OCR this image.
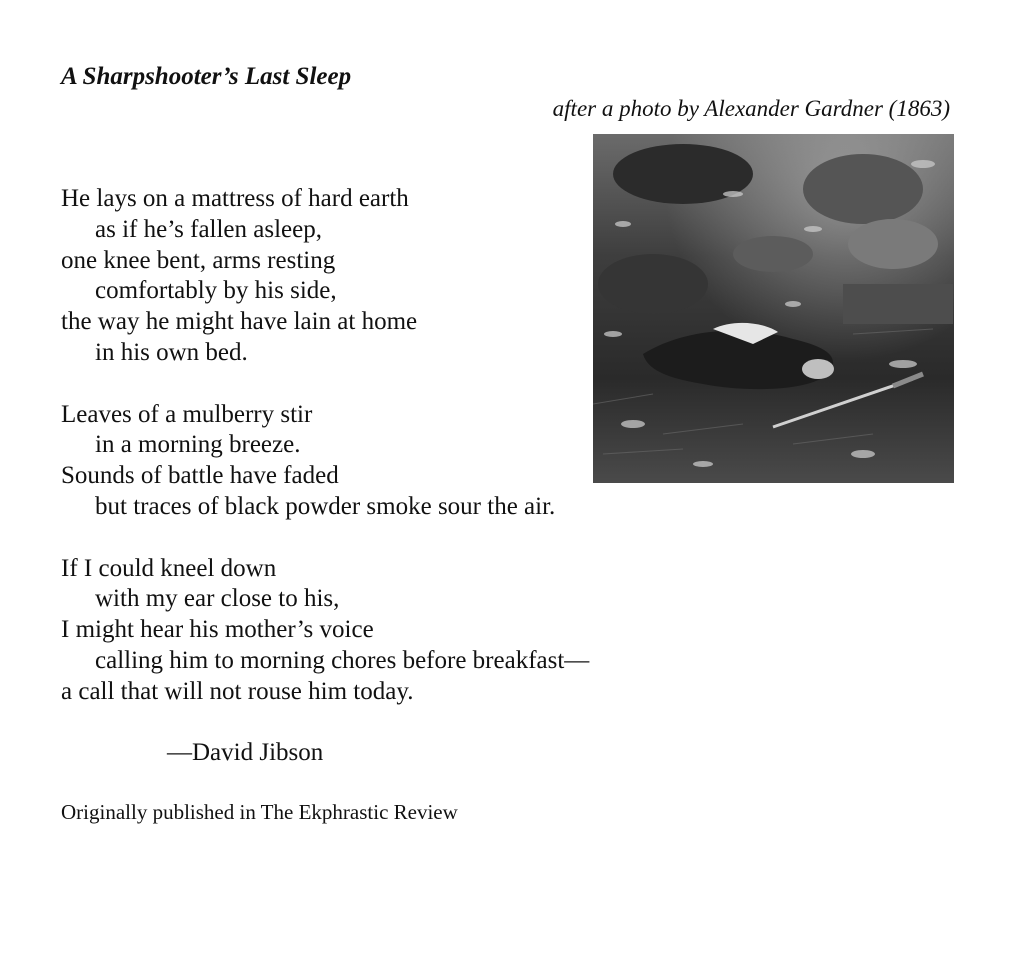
A Sharpshooter’s Last Sleep
after a photo by Alexander Gardner (1863)
He lays on a mattress of hard earth
as if he’s fallen asleep,
one knee bent, arms resting
comfortably by his side,
the way he might have lain at home
in his own bed.
Leaves of a mulberry stir
in a morning breeze.
Sounds of battle have faded
but traces of black powder smoke sour the air.
If I could kneel down
with my ear close to his,
I might hear his mother’s voice
calling him to morning chores before breakfast—
a call that will not rouse him today.
—David Jibson
Originally published in The Ekphrastic Review
